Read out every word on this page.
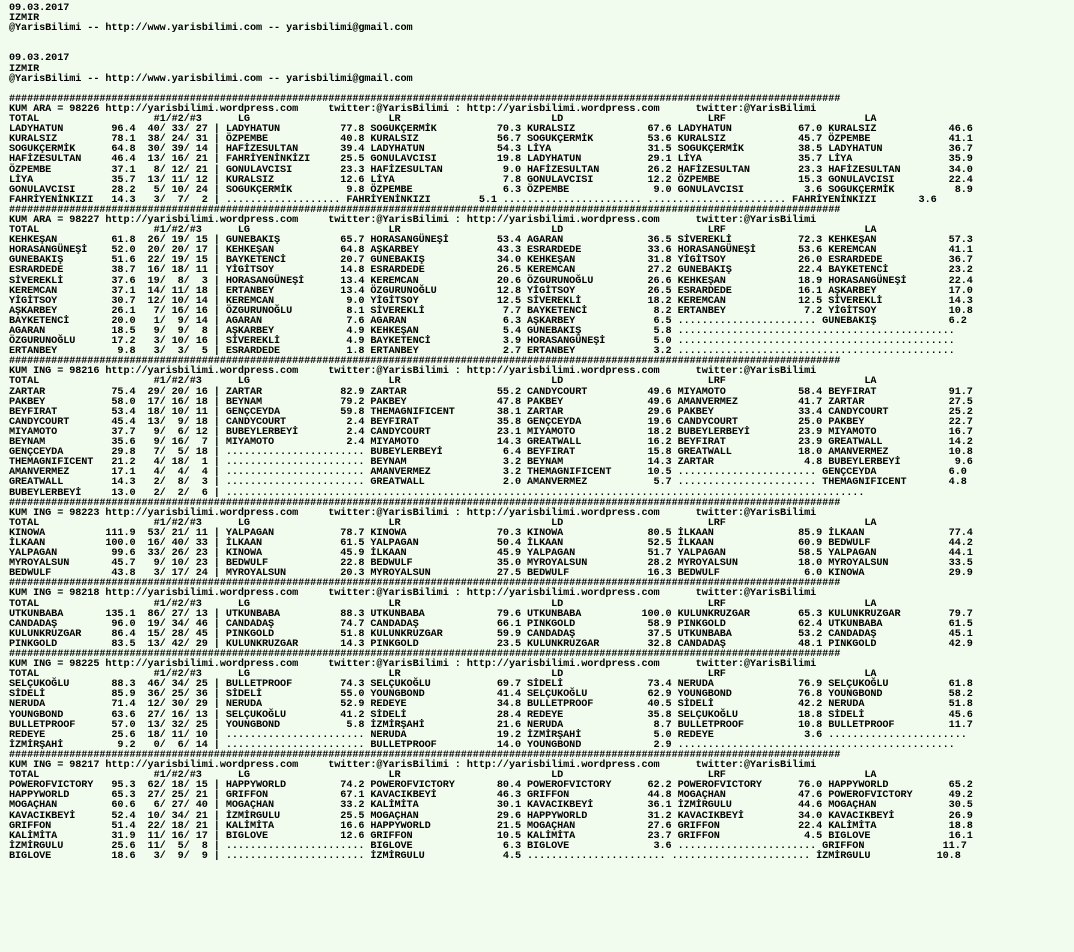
09.03.2017
IZMIR
@YarisBilimi -- http://www.yarisbilimi.com -- yarisbilimi@gmail.com
09.03.2017
IZMIR
@YarisBilimi -- http://www.yarisbilimi.com -- yarisbilimi@gmail.com
##########################################################################################################################################
KUM ARA = 98226 http://yarisbilimi.wordpress.com     twitter:@YarisBilimi : http://yarisbilimi.wordpress.com      twitter:@YarisBilimi
TOTAL                   #1/#2/#3      LG                       LR                         LD                        LRF                       LA
LADYHATUN        96.4  40/ 33/ 27 | LADYHATUN          77.8 SOGUKÇERMİK          70.3 KURALSIZ            67.6 LADYHATUN           67.0 KURALSIZ            46.6
KURALSIZ         78.1  38/ 24/ 31 | ÖZPEMBE            40.8 KURALSIZ             56.7 SOGUKÇERMİK         53.6 KURALSIZ            45.7 ÖZPEMBE             41.1
SOGUKÇERMİK      64.8  30/ 39/ 14 | HAFİZESULTAN       39.4 LADYHATUN            54.3 LİYA                31.5 SOGUKÇERMİK         38.5 LADYHATUN           36.7
HAFİZESULTAN     46.4  13/ 16/ 21 | FAHRİYENİNKİZI     25.5 GONULAVCISI          19.8 LADYHATUN           29.1 LİYA                35.7 LİYA                35.9
ÖZPEMBE          37.1   8/ 12/ 21 | GONULAVCISI        23.3 HAFİZESULTAN          9.0 HAFİZESULTAN        26.2 HAFİZESULTAN        23.3 HAFİZESULTAN        34.0
LİYA             35.7  13/ 11/ 12 | KURALSIZ           12.6 LİYA                  7.8 GONULAVCISI         12.2 ÖZPEMBE             15.3 GONULAVCISI         22.4
GONULAVCISI      28.2   5/ 10/ 24 | SOGUKÇERMİK         9.8 ÖZPEMBE               6.3 ÖZPEMBE              9.0 GONULAVCISI          3.6 SOGUKÇERMİK          8.9
FAHRİYENİNKIZI   14.3   3/  7/  2 | ................... FAHRİYENİNKIZI        5.1 ....................... ....................... FAHRİYENİNKIZI       3.6
##########################################################################################################################################
KUM ARA = 98227 http://yarisbilimi.wordpress.com     twitter:@YarisBilimi : http://yarisbilimi.wordpress.com      twitter:@YarisBilimi
TOTAL                   #1/#2/#3      LG                       LR                         LD                        LRF                       LA
KEHKEŞAN         61.8  26/ 19/ 15 | GUNEBAKIŞ          65.7 HORASANGÜNEŞİ        53.4 AGARAN              36.5 SİVEREKLİ           72.3 KEHKEŞAN            57.3
HORASANGÜNEŞİ    52.0  20/ 20/ 17 | KEHKEŞAN           64.8 AŞKARBEY             43.3 ESRARDEDE           33.6 HORASANGÜNEŞİ       53.6 KEREMCAN            41.1
GUNEBAKIŞ        51.6  22/ 19/ 15 | BAYKETENCİ         20.7 GUNEBAKIŞ            34.0 KEHKEŞAN            31.8 YİGİTSOY            26.0 ESRARDEDE           36.7
ESRARDEDE        38.7  16/ 18/ 11 | YİGİTSOY           14.8 ESRARDEDE            26.5 KEREMCAN            27.2 GUNEBAKIŞ           22.4 BAYKETENCİ          23.2
SİVEREKLİ        37.6  19/  8/  3 | HORASANGÜNEŞİ      13.4 KEREMCAN             20.6 ÖZGURUNOĞLU         26.6 KEHKEŞAN            18.9 HORASANGÜNEŞİ       22.4
KEREMCAN         37.1  14/ 11/ 18 | ERTANBEY           13.4 ÖZGURUNOĞLU          12.8 YİGİTSOY            26.5 ESRARDEDE           16.1 AŞKARBEY            17.0
YİGİTSOY         30.7  12/ 10/ 14 | KEREMCAN            9.0 YİGİTSOY             12.5 SİVEREKLİ           18.2 KEREMCAN            12.5 SİVEREKLİ           14.3
AŞKARBEY         26.1   7/ 16/ 16 | ÖZGURUNOĞLU         8.1 SİVEREKLİ             7.7 BAYKETENCİ           8.2 ERTANBEY             7.2 YİGİTSOY            10.8
BAYKETENCİ       20.0   1/  9/ 14 | AGARAN              7.6 AGARAN                6.3 AŞKARBEY             6.5 ....................... GUNEBAKIŞ            6.2
AGARAN           18.5   9/  9/  8 | AŞKARBEY            4.9 KEHKEŞAN              5.4 GUNEBAKIŞ            5.8 ..............................................
ÖZGURUNOĞLU      17.2   3/ 10/ 16 | SİVEREKLİ           4.9 BAYKETENCİ            3.9 HORASANGÜNEŞİ        5.0 ..............................................
ERTANBEY          9.8   3/  3/  5 | ESRARDEDE           1.8 ERTANBEY              2.7 ERTANBEY             3.2 ..............................................
##########################################################################################################################################
KUM ING = 98216 http://yarisbilimi.wordpress.com     twitter:@YarisBilimi : http://yarisbilimi.wordpress.com      twitter:@YarisBilimi
TOTAL                   #1/#2/#3      LG                       LR                         LD                        LRF                       LA
ZARTAR           75.4  29/ 20/ 16 | ZARTAR             82.9 ZARTAR               55.2 CANDYCOURT          49.6 MIYAMOTO            58.4 BEYFIRAT            91.7
PAKBEY           58.0  17/ 16/ 18 | BEYNAM             79.2 PAKBEY               47.8 PAKBEY              49.6 AMANVERMEZ          41.7 ZARTAR              27.5
BEYFIRAT         53.4  18/ 10/ 11 | GENÇCEYDA          59.8 THEMAGNIFICENT       38.1 ZARTAR              29.6 PAKBEY              33.4 CANDYCOURT          25.2
CANDYCOURT       45.4  13/  9/ 18 | CANDYCOURT          2.4 BEYFIRAT             35.8 GENÇCEYDA           19.6 CANDYCOURT          25.0 PAKBEY              22.7
MIYAMOTO         37.7   9/  6/ 12 | BUBEYLERBEYİ        2.4 CANDYCOURT           23.1 MIYAMOTO            18.2 BUBEYLERBEYİ        23.9 MIYAMOTO            16.7
BEYNAM           35.6   9/ 16/  7 | MIYAMOTO            2.4 MIYAMOTO             14.3 GREATWALL           16.2 BEYFIRAT            23.9 GREATWALL           14.2
GENÇCEYDA        29.8   7/  5/ 18 | ....................... BUBEYLERBEYİ          6.4 BEYFIRAT            15.8 GREATWALL           18.0 AMANVERMEZ          10.8
THEMAGNIFICENT   21.2   4/ 18/  1 | ....................... BEYNAM                3.2 BEYNAM              14.3 ZARTAR               4.8 BUBEYLERBEYİ         9.6
AMANVERMEZ       17.1   4/  4/  4 | ....................... AMANVERMEZ            3.2 THEMAGNIFICENT      10.5 ....................... GENÇCEYDA            6.0
GREATWALL        14.3   2/  8/  3 | ....................... GREATWALL             2.0 AMANVERMEZ           5.7 ....................... THEMAGNIFICENT       4.8
BUBEYLERBEYİ     13.0   2/  2/  6 | ..........................................................................................................
##########################################################################################################################################
KUM ING = 98223 http://yarisbilimi.wordpress.com     twitter:@YarisBilimi : http://yarisbilimi.wordpress.com      twitter:@YarisBilimi
TOTAL                   #1/#2/#3      LG                       LR                         LD                        LRF                       LA
KINOWA          111.9  53/ 21/ 11 | YALPAGAN           78.7 KINOWA               70.3 KINOWA              80.5 İLKAAN              85.9 İLKAAN              77.4
İLKAAN          100.0  16/ 40/ 33 | İLKAAN             61.5 YALPAGAN             50.4 İLKAAN              52.5 İLKAAN              60.9 BEDWULF             44.2
YALPAGAN         99.6  33/ 26/ 23 | KINOWA             45.9 İLKAAN               45.9 YALPAGAN            51.7 YALPAGAN            58.5 YALPAGAN            44.1
MYROYALSUN       45.7   9/ 10/ 23 | BEDWULF            22.8 BEDWULF              35.0 MYROYALSUN          28.2 MYROYALSUN          18.0 MYROYALSUN          33.5
BEDWULF          43.8   3/ 17/ 24 | MYROYALSUN         20.3 MYROYALSUN           27.5 BEDWULF             16.3 BEDWULF              6.0 KINOWA              29.9
##########################################################################################################################################
KUM ING = 98218 http://yarisbilimi.wordpress.com     twitter:@YarisBilimi : http://yarisbilimi.wordpress.com      twitter:@YarisBilimi
TOTAL                   #1/#2/#3      LG                       LR                         LD                        LRF                       LA
UTKUNBABA       135.1  86/ 27/ 13 | UTKUNBABA          88.3 UTKUNBABA            79.6 UTKUNBABA          100.0 KULUNKRUZGAR        65.3 KULUNKRUZGAR        79.7
CANDADAŞ         96.0  19/ 34/ 46 | CANDADAŞ           74.7 CANDADAŞ             66.1 PINKGOLD            58.9 PINKGOLD            62.4 UTKUNBABA           61.5
KULUNKRUZGAR     86.4  15/ 28/ 45 | PINKGOLD           51.8 KULUNKRUZGAR         59.9 CANDADAŞ            37.5 UTKUNBABA           53.2 CANDADAŞ            45.1
PINKGOLD         83.5  13/ 42/ 29 | KULUNKRUZGAR       14.3 PINKGOLD             23.5 KULUNKRUZGAR        32.8 CANDADAŞ            48.1 PINKGOLD            42.9
##########################################################################################################################################
KUM ING = 98225 http://yarisbilimi.wordpress.com     twitter:@YarisBilimi : http://yarisbilimi.wordpress.com      twitter:@YarisBilimi
TOTAL                   #1/#2/#3      LG                       LR                         LD                        LRF                       LA
SELÇUKOĞLU       88.3  46/ 34/ 25 | BULLETPROOF        74.3 SELÇUKOĞLU           69.7 SİDELİ              73.4 NERUDA              76.9 SELÇUKOĞLU          61.8
SİDELİ           85.9  36/ 25/ 36 | SİDELİ             55.0 YOUNGBOND            41.4 SELÇUKOĞLU          62.9 YOUNGBOND           76.8 YOUNGBOND           58.2
NERUDA           71.4  12/ 30/ 29 | NERUDA             52.9 REDEYE               34.8 BULLETPROOF         40.5 SİDELİ              42.2 NERUDA              51.8
YOUNGBOND        63.6  27/ 16/ 13 | SELÇUKOĞLU         41.2 SİDELİ               28.4 REDEYE              35.8 SELÇUKOĞLU          18.8 SİDELİ              45.6
BULLETPROOF      57.0  13/ 32/ 25 | YOUNGBOND           5.8 İZMİRŞAHİ            21.6 NERUDA               8.7 BULLETPROOF         10.8 BULLETPROOF         11.7
REDEYE           25.6  18/ 11/ 10 | ....................... NERUDA               19.2 İZMİRŞAHİ            5.0 REDEYE               3.6 .......................
İZMİRŞAHİ         9.2   0/  6/ 14 | ....................... BULLETPROOF          14.0 YOUNGBOND            2.9 ..............................................
##########################################################################################################################################
KUM ING = 98217 http://yarisbilimi.wordpress.com     twitter:@YarisBilimi : http://yarisbilimi.wordpress.com      twitter:@YarisBilimi
TOTAL                   #1/#2/#3      LG                       LR                         LD                        LRF                       LA
POWEROFVICTORY   95.3  62/ 18/ 15 | HAPPYWORLD         74.2 POWEROFVICTORY       80.4 POWEROFVICTORY      62.2 POWEROFVICTORY      76.0 HAPPYWORLD          65.2
HAPPYWORLD       65.3  27/ 25/ 21 | GRIFFON            67.1 KAVACIKBEYİ          46.3 GRIFFON             44.8 MOGAÇHAN            47.6 POWEROFVICTORY      49.2
MOGAÇHAN         60.6   6/ 27/ 40 | MOGAÇHAN           33.2 KALİMİTA             30.1 KAVACIKBEYİ         36.1 İZMİRGULU           44.6 MOGAÇHAN            30.5
KAVACIKBEYİ      52.4  10/ 34/ 21 | İZMİRGULU          25.5 MOGAÇHAN             29.6 HAPPYWORLD          31.2 KAVACIKBEYİ         34.0 KAVACIKBEYİ         26.9
GRIFFON          51.4  22/ 18/ 21 | KALİMİTA           16.6 HAPPYWORLD           21.5 MOGAÇHAN            27.6 GRIFFON             22.4 KALİMİTA            18.8
KALİMİTA         31.9  11/ 16/ 17 | BIGLOVE            12.6 GRIFFON              10.5 KALİMİTA            23.7 GRIFFON              4.5 BIGLOVE             16.1
İZMİRGULU        25.6  11/  5/  8 | ....................... BIGLOVE               6.3 BIGLOVE              3.6 ....................... GRIFFON             11.7
BIGLOVE          18.6   3/  9/  9 | ....................... İZMİRGULU             4.5 ....................... ....................... İZMİRGULU           10.8
